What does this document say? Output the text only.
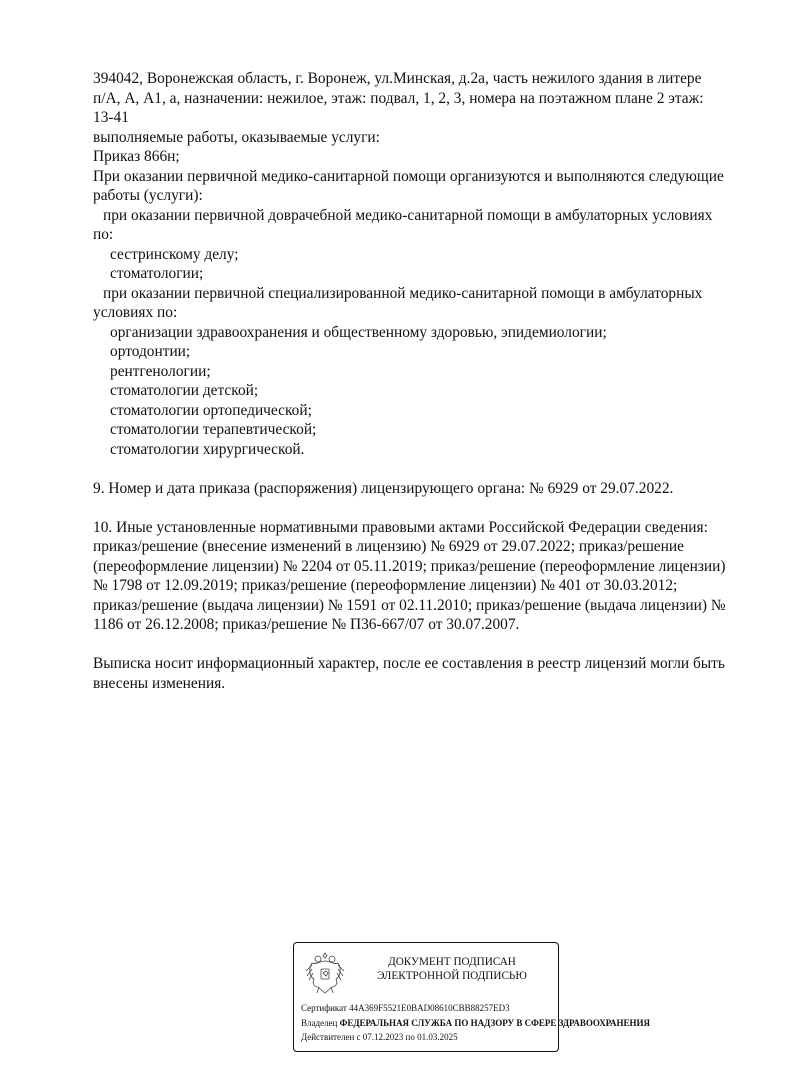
394042, Воронежская область, г. Воронеж, ул.Минская, д.2а, часть нежилого здания в литере
п/А, А, А1, а, назначении: нежилое, этаж: подвал, 1, 2, 3, номера на поэтажном плане 2 этаж:
13-41
выполняемые работы, оказываемые услуги:
Приказ 866н;
При оказании первичной медико-санитарной помощи организуются и выполняются следующие
работы (услуги):
при оказании первичной доврачебной медико-санитарной помощи в амбулаторных условиях
по:
сестринскому делу;
стоматологии;
при оказании первичной специализированной медико-санитарной помощи в амбулаторных
условиях по:
организации здравоохранения и общественному здоровью, эпидемиологии;
ортодонтии;
рентгенологии;
стоматологии детской;
стоматологии ортопедической;
стоматологии терапевтической;
стоматологии хирургической.
9. Номер и дата приказа (распоряжения) лицензирующего органа: № 6929 от 29.07.2022.
10. Иные установленные нормативными правовыми актами Российской Федерации сведения:
приказ/решение (внесение изменений в лицензию) № 6929 от 29.07.2022; приказ/решение
(переоформление лицензии) № 2204 от 05.11.2019; приказ/решение (переоформление лицензии)
№ 1798 от 12.09.2019; приказ/решение (переоформление лицензии) № 401 от 30.03.2012;
приказ/решение (выдача лицензии) № 1591 от 02.11.2010; приказ/решение (выдача лицензии) №
1186 от 26.12.2008; приказ/решение № П36-667/07 от 30.07.2007.
Выписка носит информационный характер, после ее составления в реестр лицензий могли быть
внесены изменения.
ДОКУМЕНТ ПОДПИСАН
ЭЛЕКТРОННОЙ ПОДПИСЬЮ
Сертификат 44A369F5521E0BAD08610CBB88257ED3
Владелец ФЕДЕРАЛЬНАЯ СЛУЖБА ПО НАДЗОРУ В СФЕРЕ ЗДРАВООХРАНЕНИЯ
Действителен с 07.12.2023 по 01.03.2025
